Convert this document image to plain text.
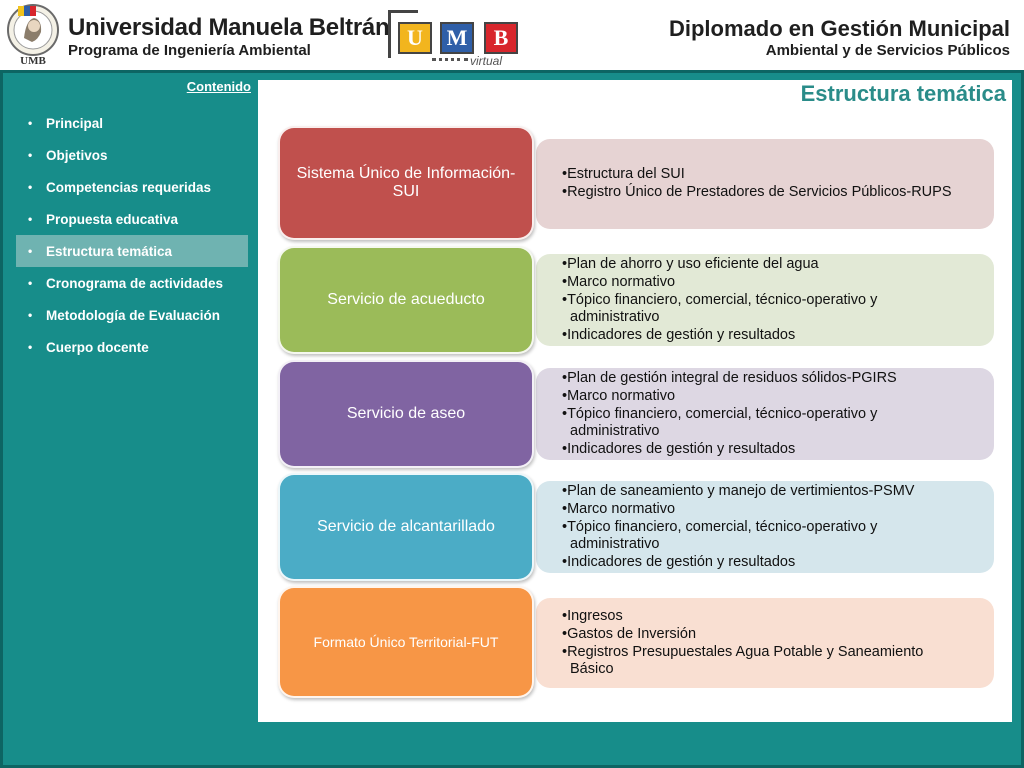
UMB
Universidad Manuela Beltrán
Programa de Ingeniería Ambiental
U	M	B
virtual
Diplomado en Gestión Municipal
Ambiental y de Servicios Públicos
Contenido
•	Principal
•	Objetivos
•	Competencias requeridas
•	Propuesta educativa
•	Estructura temática
•	Cronograma de actividades
•	Metodología de Evaluación
•	Cuerpo docente
Estructura temática
• Estructura del SUI
• Registro Único de Prestadores de Servicios Públicos-RUPS
Sistema Único de Información-SUI
• Plan de ahorro y uso eficiente del agua
• Marco normativo
• Tópico financiero, comercial, técnico-operativo y administrativo
• Indicadores de gestión y resultados
Servicio de acueducto
• Plan de gestión integral de residuos sólidos-PGIRS
• Marco normativo
• Tópico financiero, comercial, técnico-operativo y administrativo
• Indicadores de gestión y resultados
Servicio de aseo
• Plan de saneamiento y manejo de vertimientos-PSMV
• Marco normativo
• Tópico financiero, comercial, técnico-operativo y administrativo
• Indicadores de gestión y resultados
Servicio de alcantarillado
• Ingresos
• Gastos de Inversión
• Registros Presupuestales Agua Potable y Saneamiento Básico
Formato Único Territorial-FUT
